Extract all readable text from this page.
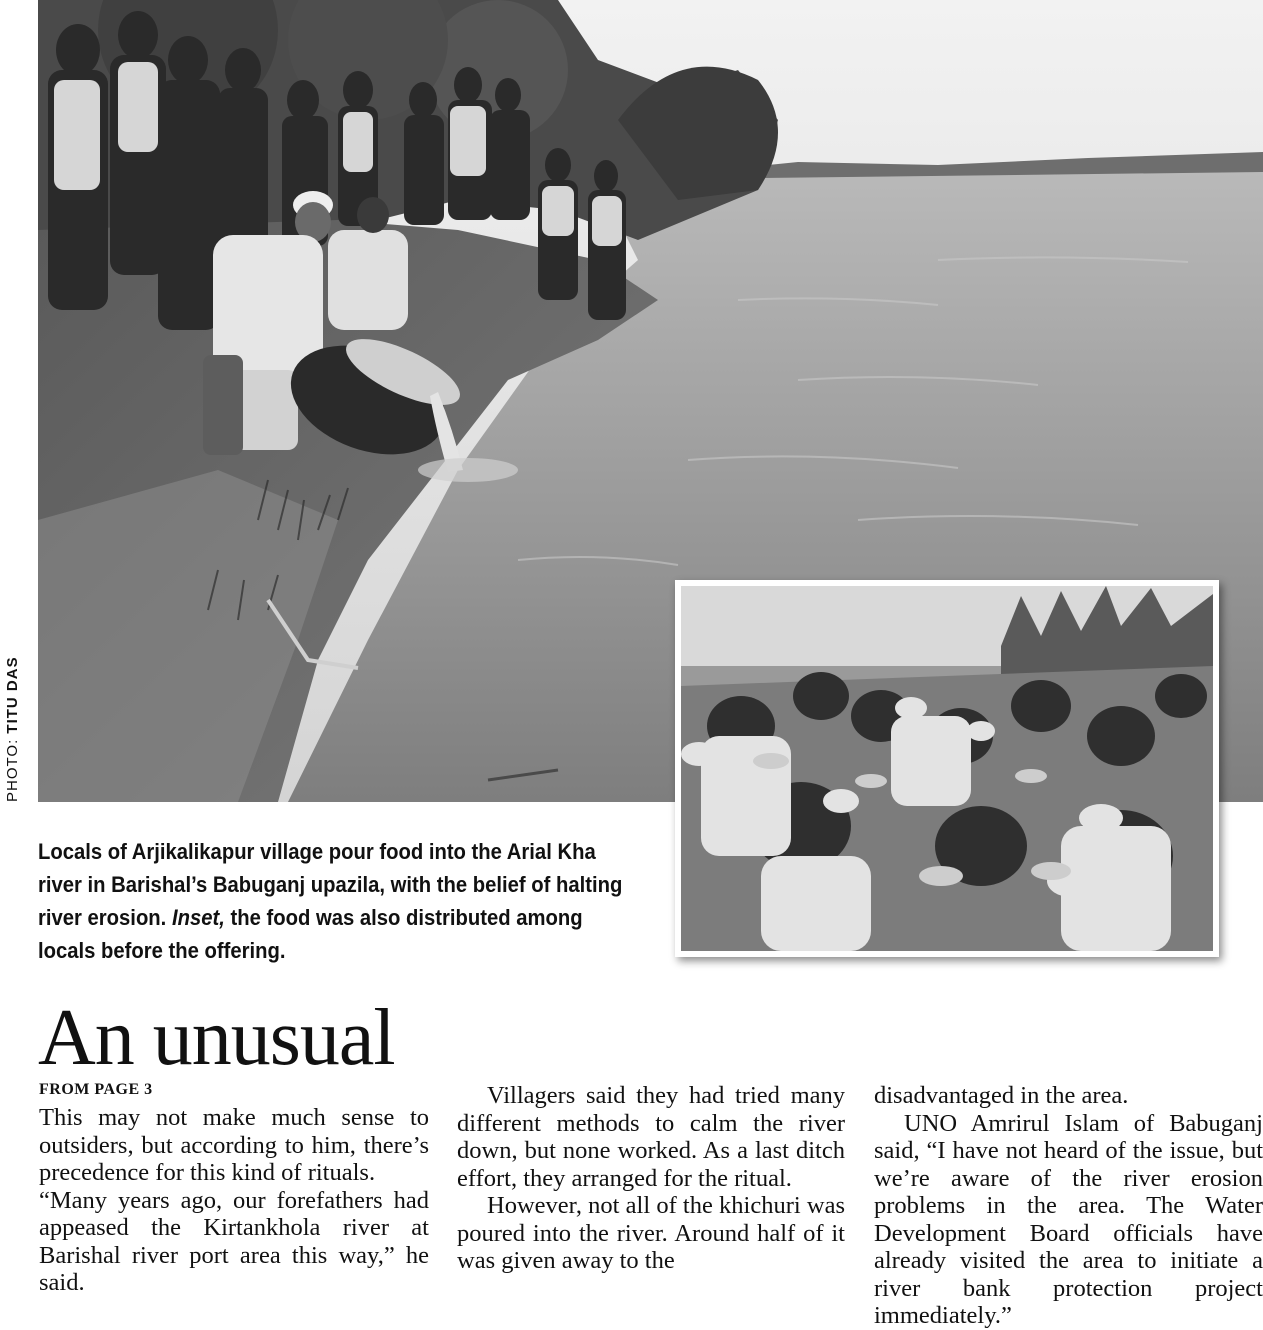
PHOTO: TITU DAS
Locals of Arjikalikapur village pour food into the Arial Kha river in Barishal’s Babuganj upazila, with the belief of halting river erosion. Inset, the food was also distributed among locals before the offering.
An unusual
FROM PAGE 3

This may not make much sense to outsiders, but according to him, there’s precedence for this kind of rituals.

“Many years ago, our forefathers had appeased the Kirtankhola river at Barishal river port area this way,” he said.

Villagers said they had tried many different methods to calm the river down, but none worked. As a last ditch effort, they arranged for the ritual.

However, not all of the khichuri was poured into the river. Around half of it was given away to the

disadvantaged in the area.

UNO Amrirul Islam of Babuganj said, “I have not heard of the issue, but we’re aware of the river erosion problems in the area. The Water Development Board officials have already visited the area to initiate a river bank protection project immediately.”
